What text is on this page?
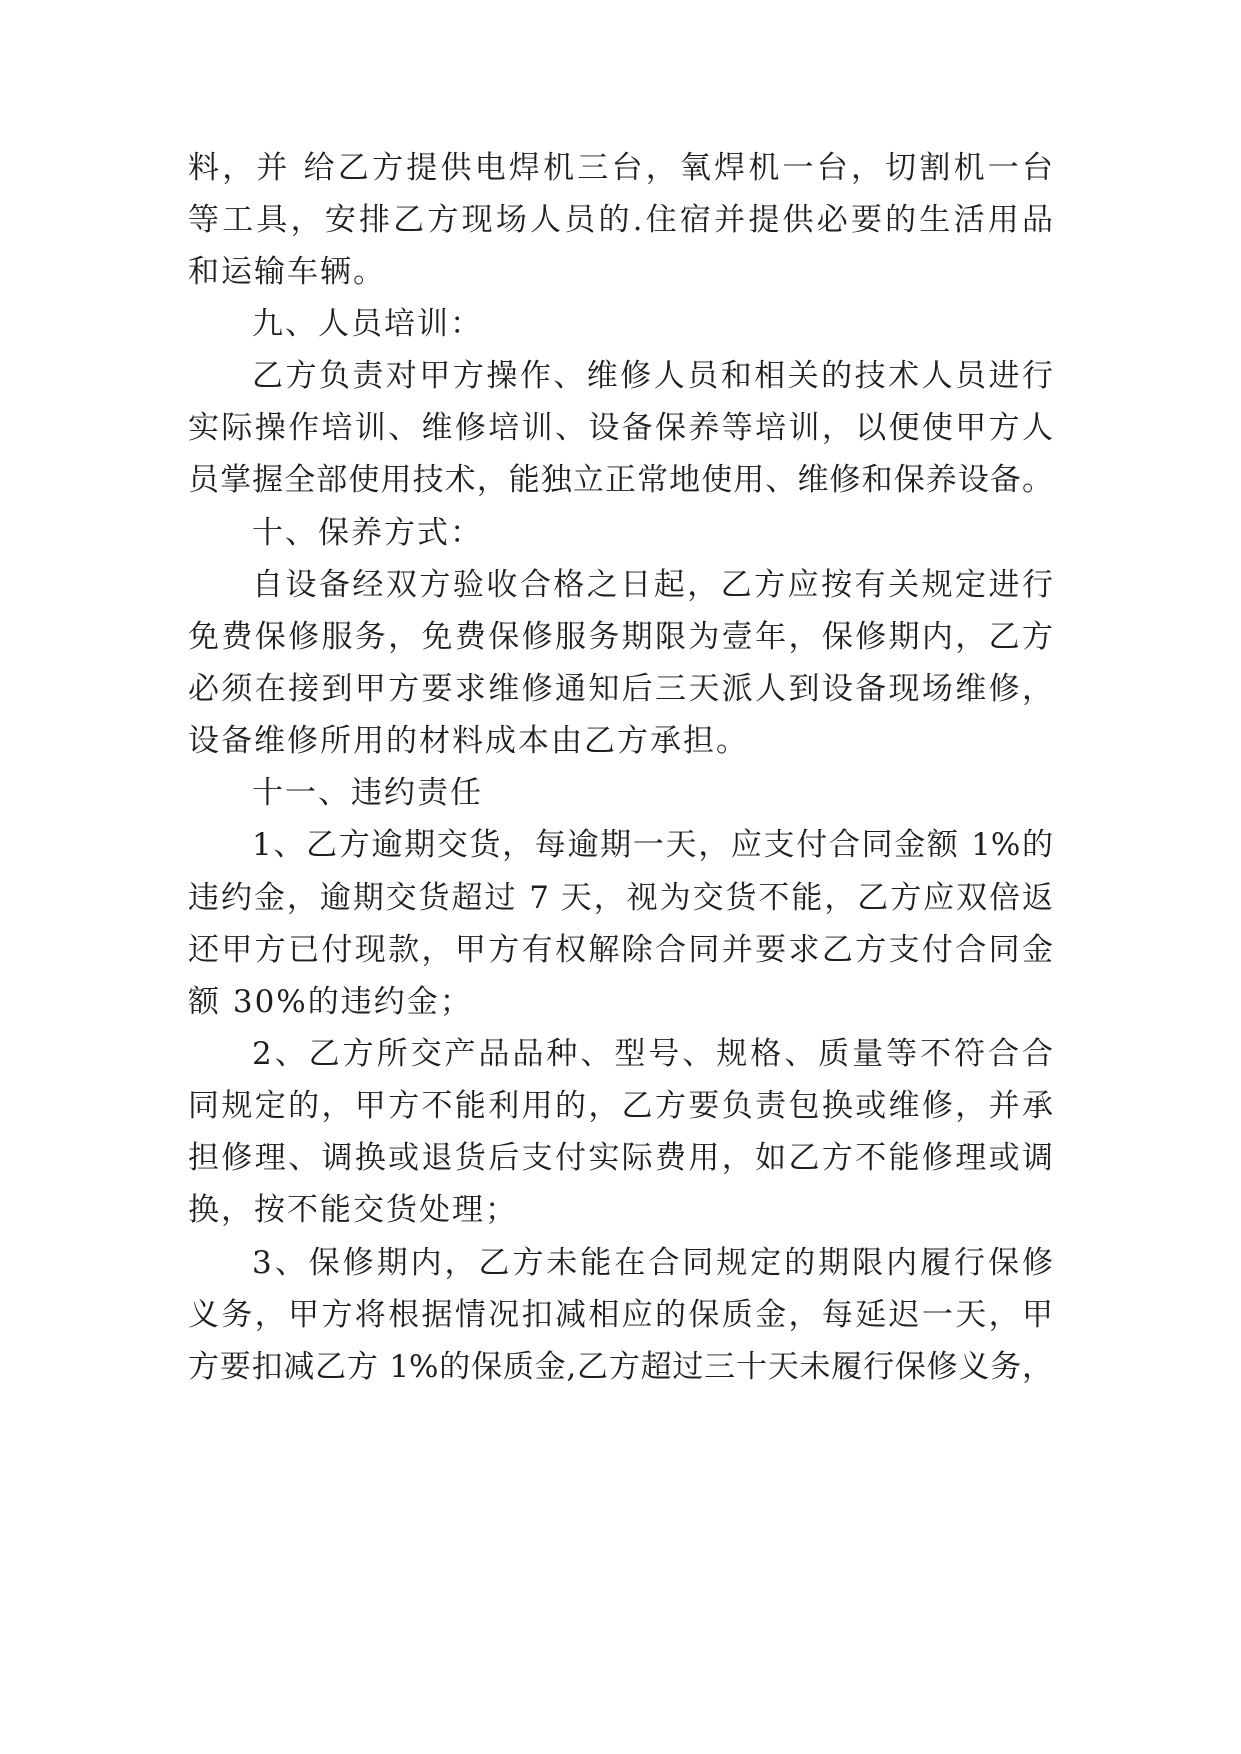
料，并 给乙方提供电焊机三台，氧焊机一台，切割机一台
等工具，安排乙方现场人员的.住宿并提供必要的生活用品
和运输车辆。
九、人员培训：
乙方负责对甲方操作、维修人员和相关的技术人员进行
实际操作培训、维修培训、设备保养等培训，以便使甲方人
员掌握全部使用技术，能独立正常地使用、维修和保养设备。
十、保养方式：
自设备经双方验收合格之日起，乙方应按有关规定进行
免费保修服务，免费保修服务期限为壹年，保修期内，乙方
必须在接到甲方要求维修通知后三天派人到设备现场维修，
设备维修所用的材料成本由乙方承担。
十一、违约责任
1、乙方逾期交货，每逾期一天，应支付合同金额 1%的
违约金，逾期交货超过 7 天，视为交货不能，乙方应双倍返
还甲方已付现款，甲方有权解除合同并要求乙方支付合同金
额 30%的违约金；
2、乙方所交产品品种、型号、规格、质量等不符合合
同规定的，甲方不能利用的，乙方要负责包换或维修，并承
担修理、调换或退货后支付实际费用，如乙方不能修理或调
换，按不能交货处理；
3、保修期内，乙方未能在合同规定的期限内履行保修
义务，甲方将根据情况扣减相应的保质金，每延迟一天，甲
方要扣减乙方 1%的保质金,乙方超过三十天未履行保修义务，
